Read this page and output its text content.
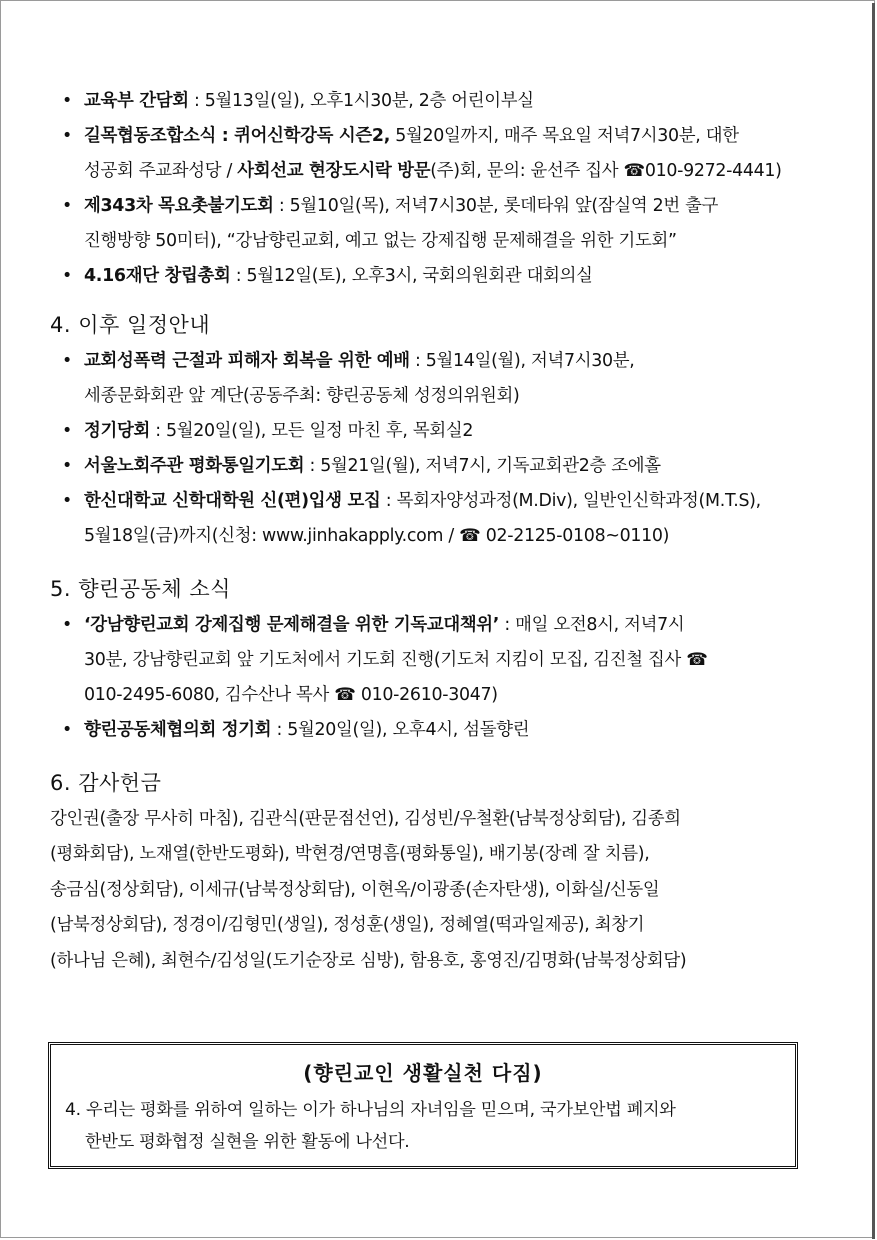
• 교육부 간담회 : 5월13일(일), 오후1시30분, 2층 어린이부실
• 길목협동조합소식 : 퀴어신학강독 시즌2, 5월20일까지, 매주 목요일 저녁7시30분, 대한
성공회 주교좌성당 / 사회선교 현장도시락 방문(주)회, 문의: 윤선주 집사 ☎010-9272-4441)
• 제343차 목요촛불기도회 : 5월10일(목), 저녁7시30분, 롯데타워 앞(잠실역 2번 출구
진행방향 50미터), “강남향린교회, 예고 없는 강제집행 문제해결을 위한 기도회”
• 4.16재단 창립총회 : 5월12일(토), 오후3시, 국회의원회관 대회의실
4. 이후 일정안내
• 교회성폭력 근절과 피해자 회복을 위한 예배 : 5월14일(월), 저녁7시30분,
세종문화회관 앞 계단(공동주최: 향린공동체 성정의위원회)
• 정기당회 : 5월20일(일), 모든 일정 마친 후, 목회실2
• 서울노회주관 평화통일기도회 : 5월21일(월), 저녁7시, 기독교회관2층 조에홀
• 한신대학교 신학대학원 신(편)입생 모집 : 목회자양성과정(M.Div), 일반인신학과정(M.T.S),
5월18일(금)까지(신청: www.jinhakapply.com / ☎ 02-2125-0108~0110)
5. 향린공동체 소식
• ‘강남향린교회 강제집행 문제해결을 위한 기독교대책위’ : 매일 오전8시, 저녁7시
30분, 강남향린교회 앞 기도처에서 기도회 진행(기도처 지킴이 모집, 김진철 집사 ☎
010-2495-6080, 김수산나 목사 ☎ 010-2610-3047)
• 향린공동체협의회 정기회 : 5월20일(일), 오후4시, 섬돌향린
6. 감사헌금

강인권(출장 무사히 마침), 김관식(판문점선언), 김성빈/우철환(남북정상회담), 김종희
(평화회담), 노재열(한반도평화), 박현경/연명흠(평화통일), 배기봉(장례 잘 치름),
송금심(정상회담), 이세규(남북정상회담), 이현옥/이광종(손자탄생), 이화실/신동일
(남북정상회담), 정경이/김형민(생일), 정성훈(생일), 정혜열(떡과일제공), 최창기
(하나님 은혜), 최현수/김성일(도기순장로 심방), 함용호, 홍영진/김명화(남북정상회담)

(향린교인 생활실천 다짐)
4. 우리는 평화를 위하여 일하는 이가 하나님의 자녀임을 믿으며, 국가보안법 폐지와
한반도 평화협정 실현을 위한 활동에 나선다.
